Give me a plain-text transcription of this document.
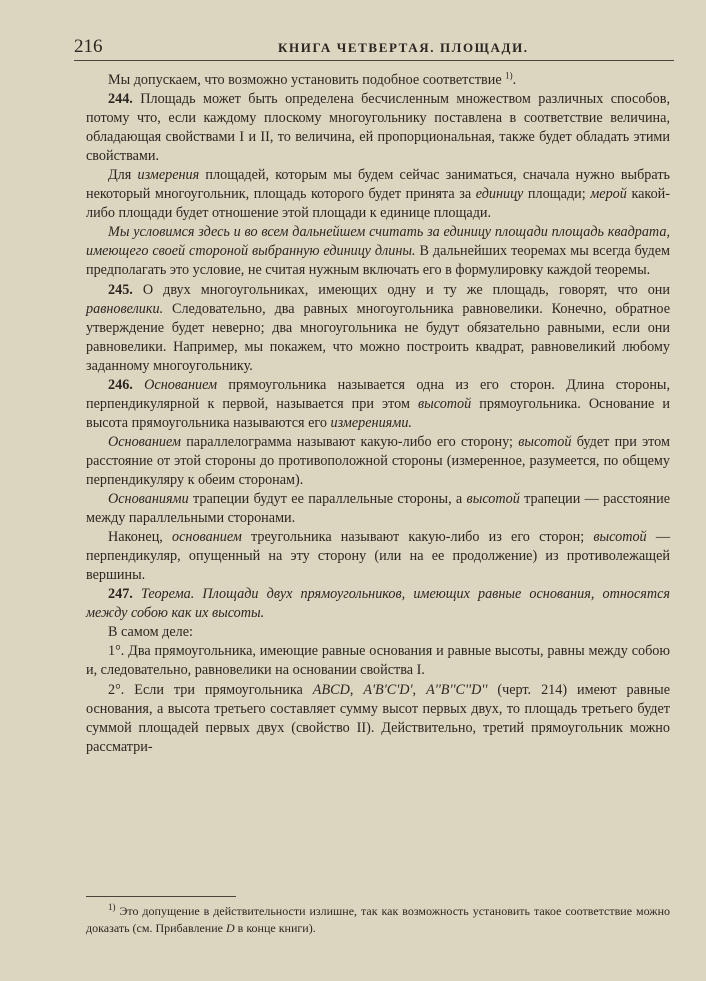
216	КНИГА ЧЕТВЕРТАЯ. ПЛОЩАДИ.

Мы допускаем, что возможно установить подобное соответствие $^{1)}$.

244. Площадь может быть определена бесчисленным множеством различных способов, потому что, если каждому плоскому многоугольнику поставлена в соответствие величина, обладающая свойствами I и II, то величина, ей пропорциональная, также будет обладать этими свойствами.

Для измерения площадей, которым мы будем сейчас заниматься, сначала нужно выбрать некоторый многоугольник, площадь которого будет принята за единицу площади; мерой какой-либо площади будет отношение этой площади к единице площади.

Мы условимся здесь и во всем дальнейшем считать за единицу площади площадь квадрата, имеющего своей стороной выбранную единицу длины. В дальнейших теоремах мы всегда будем предполагать это условие, не считая нужным включать его в формулировку каждой теоремы.

245. О двух многоугольниках, имеющих одну и ту же площадь, говорят, что они равновелики. Следовательно, два равных многоугольника равновелики. Конечно, обратное утверждение будет неверно; два многоугольника не будут обязательно равными, если они равновелики. Например, мы покажем, что можно построить квадрат, равновеликий любому заданному многоугольнику.

246. Основанием прямоугольника называется одна из его сторон. Длина стороны, перпендикулярной к первой, называется при этом высотой прямоугольника. Основание и высота прямоугольника называются его измерениями.

Основанием параллелограмма называют какую-либо его сторону; высотой будет при этом расстояние от этой стороны до противоположной стороны (измеренное, разумеется, по общему перпендикуляру к обеим сторонам).

Основаниями трапеции будут ее параллельные стороны, а высотой трапеции — расстояние между параллельными сторонами.

Наконец, основанием треугольника называют какую-либо из его сторон; высотой — перпендикуляр, опущенный на эту сторону (или на ее продолжение) из противолежащей вершины.

247. Теорема. Площади двух прямоугольников, имеющих равные основания, относятся между собою как их высоты.

В самом деле:

1°. Два прямоугольника, имеющие равные основания и равные высоты, равны между собою и, следовательно, равновелики на основании свойства I.

2°. Если три прямоугольника ABCD, A'B'C'D', A''B''C''D'' (черт. 214) имеют равные основания, а высота третьего составляет сумму высот первых двух, то площадь третьего будет суммой площадей первых двух (свойство II). Действительно, третий прямоугольник можно рассматри-

$^{1)}$ Это допущение в действительности излишне, так как возможность установить такое соответствие можно доказать (см. Прибавление D в конце книги).
